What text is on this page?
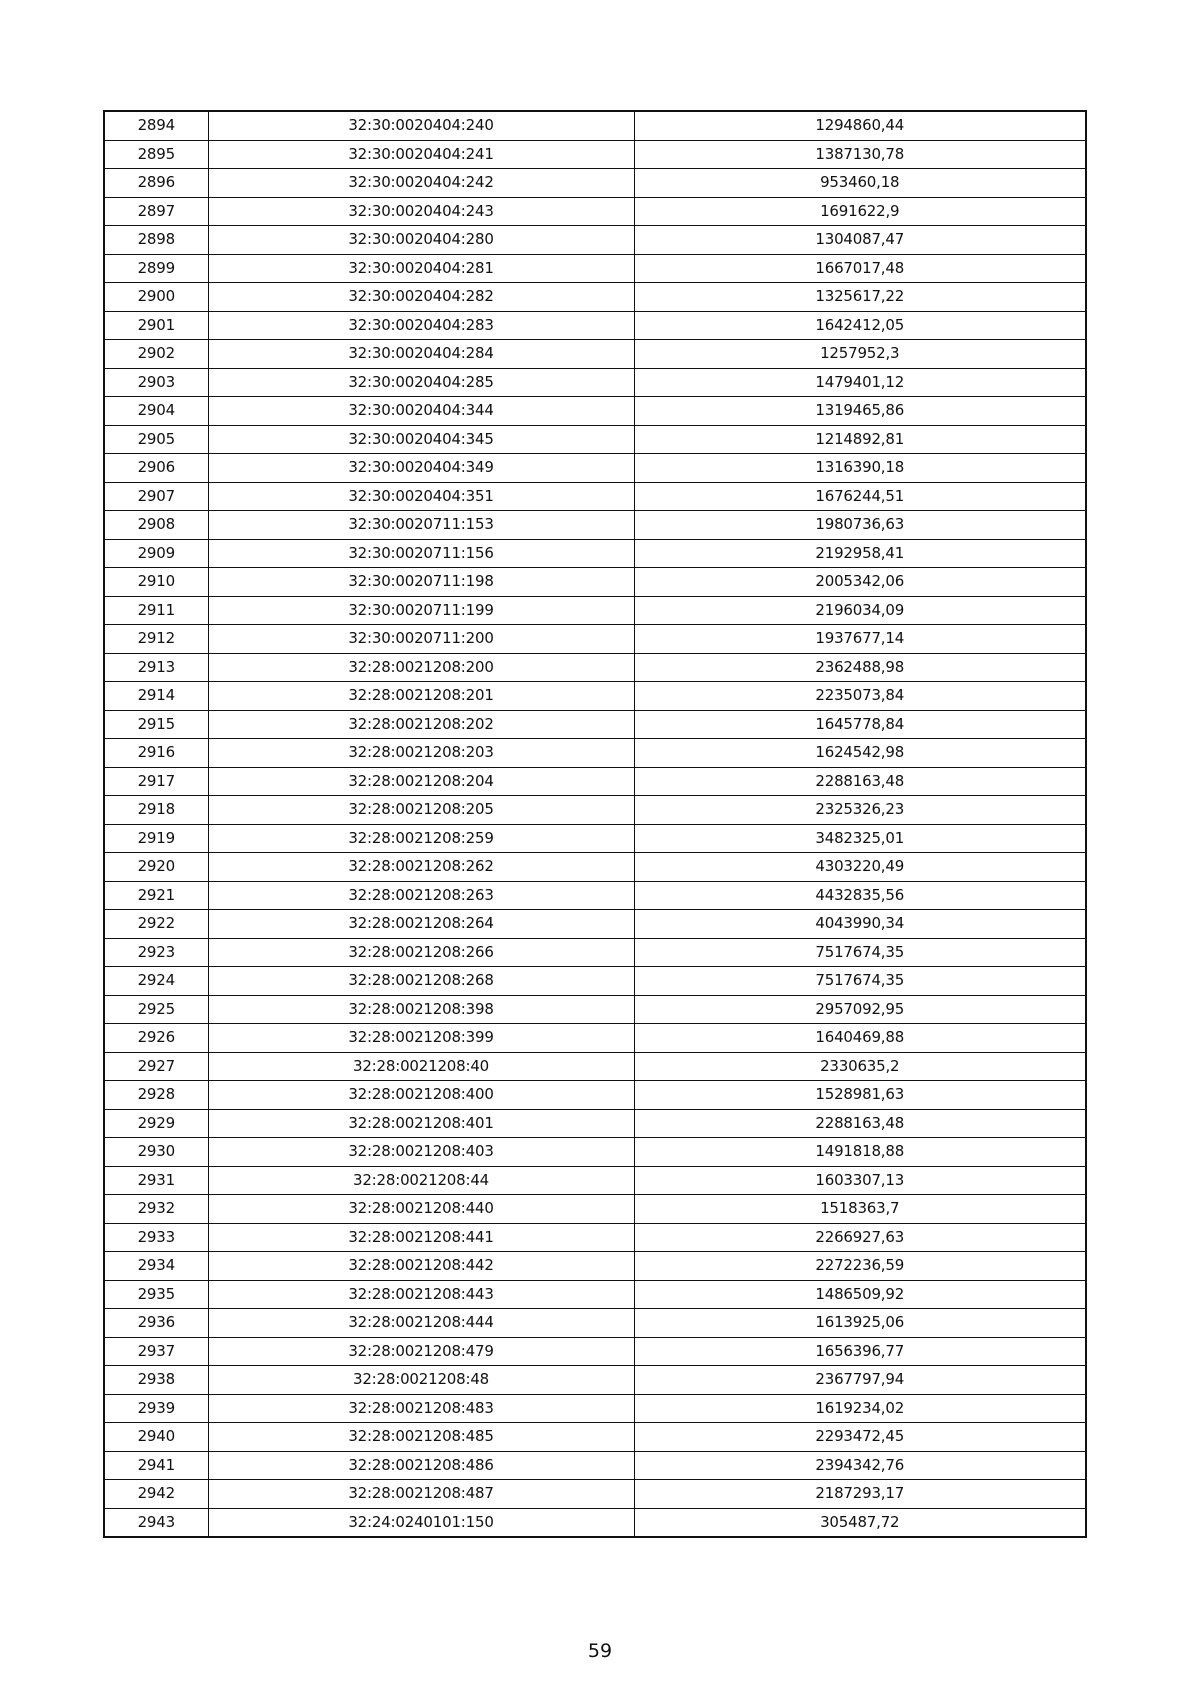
2894	32:30:0020404:240	1294860,44
2895	32:30:0020404:241	1387130,78
2896	32:30:0020404:242	953460,18
2897	32:30:0020404:243	1691622,9
2898	32:30:0020404:280	1304087,47
2899	32:30:0020404:281	1667017,48
2900	32:30:0020404:282	1325617,22
2901	32:30:0020404:283	1642412,05
2902	32:30:0020404:284	1257952,3
2903	32:30:0020404:285	1479401,12
2904	32:30:0020404:344	1319465,86
2905	32:30:0020404:345	1214892,81
2906	32:30:0020404:349	1316390,18
2907	32:30:0020404:351	1676244,51
2908	32:30:0020711:153	1980736,63
2909	32:30:0020711:156	2192958,41
2910	32:30:0020711:198	2005342,06
2911	32:30:0020711:199	2196034,09
2912	32:30:0020711:200	1937677,14
2913	32:28:0021208:200	2362488,98
2914	32:28:0021208:201	2235073,84
2915	32:28:0021208:202	1645778,84
2916	32:28:0021208:203	1624542,98
2917	32:28:0021208:204	2288163,48
2918	32:28:0021208:205	2325326,23
2919	32:28:0021208:259	3482325,01
2920	32:28:0021208:262	4303220,49
2921	32:28:0021208:263	4432835,56
2922	32:28:0021208:264	4043990,34
2923	32:28:0021208:266	7517674,35
2924	32:28:0021208:268	7517674,35
2925	32:28:0021208:398	2957092,95
2926	32:28:0021208:399	1640469,88
2927	32:28:0021208:40	2330635,2
2928	32:28:0021208:400	1528981,63
2929	32:28:0021208:401	2288163,48
2930	32:28:0021208:403	1491818,88
2931	32:28:0021208:44	1603307,13
2932	32:28:0021208:440	1518363,7
2933	32:28:0021208:441	2266927,63
2934	32:28:0021208:442	2272236,59
2935	32:28:0021208:443	1486509,92
2936	32:28:0021208:444	1613925,06
2937	32:28:0021208:479	1656396,77
2938	32:28:0021208:48	2367797,94
2939	32:28:0021208:483	1619234,02
2940	32:28:0021208:485	2293472,45
2941	32:28:0021208:486	2394342,76
2942	32:28:0021208:487	2187293,17
2943	32:24:0240101:150	305487,72
59
